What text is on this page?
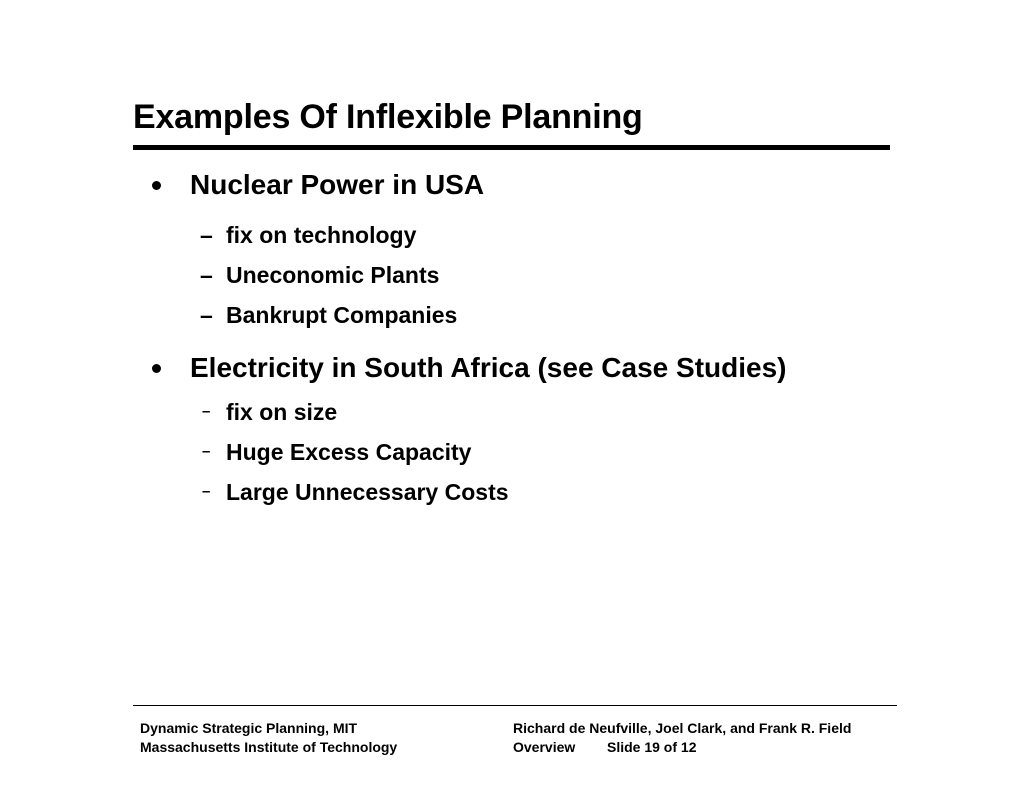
Examples Of Inflexible Planning
Nuclear Power in USA
– fix on technology
– Uneconomic Plants
– Bankrupt Companies
Electricity in South Africa (see Case Studies)
– fix on size
– Huge Excess Capacity
– Large Unnecessary Costs
Dynamic Strategic Planning, MIT
Massachusetts Institute of Technology
Richard de Neufville, Joel Clark, and Frank R. Field
Overview Slide 19 of 12
